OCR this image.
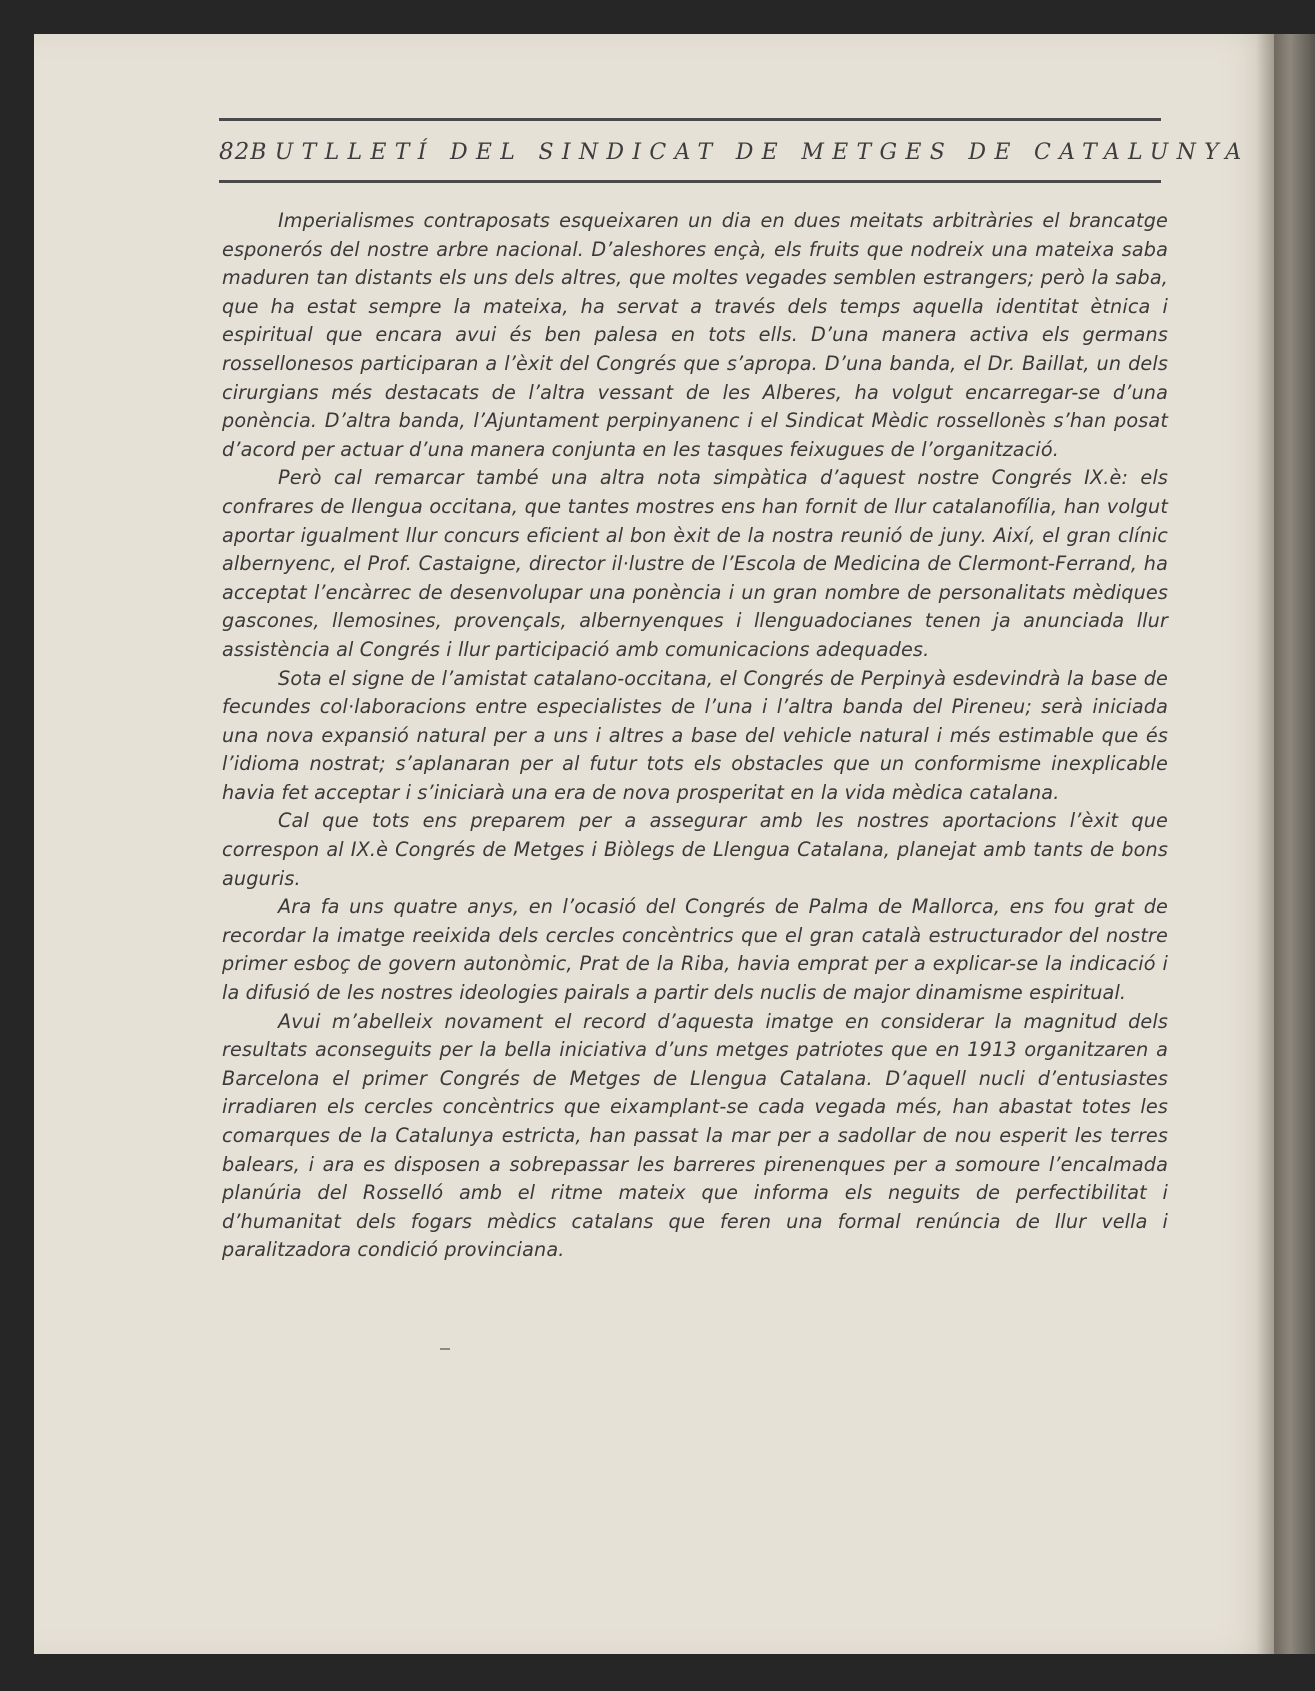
82 BUTLLETÍ DEL SINDICAT DE METGES DE CATALUNYA

Imperialismes contraposats esqueixaren un dia en dues meitats arbitràries el brancatge esponerós del nostre arbre nacional. D’aleshores ençà, els fruits que nodreix una mateixa saba maduren tan distants els uns dels altres, que moltes vegades semblen estrangers; però la saba, que ha estat sempre la mateixa, ha servat a través dels temps aquella identitat ètnica i espiritual que encara avui és ben palesa en tots ells. D’una manera activa els germans rossellonesos participaran a l’èxit del Congrés que s’apropa. D’una banda, el Dr. Baillat, un dels cirurgians més destacats de l’altra vessant de les Alberes, ha volgut encarregar-se d’una ponència. D’altra banda, l’Ajuntament perpinyanenc i el Sindicat Mèdic rossellonès s’han posat d’acord per actuar d’una manera conjunta en les tasques feixugues de l’organització.

Però cal remarcar també una altra nota simpàtica d’aquest nostre Congrés IX.è: els confrares de llengua occitana, que tantes mostres ens han fornit de llur catalanofília, han volgut aportar igualment llur concurs eficient al bon èxit de la nostra reunió de juny. Així, el gran clínic albernyenc, el Prof. Castaigne, director il·lustre de l’Escola de Medicina de Clermont-Ferrand, ha acceptat l’encàrrec de desenvolupar una ponència i un gran nombre de personalitats mèdiques gascones, llemosines, provençals, albernyenques i llenguadocianes tenen ja anunciada llur assistència al Congrés i llur participació amb comunicacions adequades.

Sota el signe de l’amistat catalano-occitana, el Congrés de Perpinyà esdevindrà la base de fecundes col·laboracions entre especialistes de l’una i l’altra banda del Pireneu; serà iniciada una nova expansió natural per a uns i altres a base del vehicle natural i més estimable que és l’idioma nostrat; s’aplanaran per al futur tots els obstacles que un conformisme inexplicable havia fet acceptar i s’iniciarà una era de nova prosperitat en la vida mèdica catalana.

Cal que tots ens preparem per a assegurar amb les nostres aportacions l’èxit que correspon al IX.è Congrés de Metges i Biòlegs de Llengua Catalana, planejat amb tants de bons auguris.

Ara fa uns quatre anys, en l’ocasió del Congrés de Palma de Mallorca, ens fou grat de recordar la imatge reeixida dels cercles concèntrics que el gran català estructurador del nostre primer esboç de govern autonòmic, Prat de la Riba, havia emprat per a explicar-se la indicació i la difusió de les nostres ideologies pairals a partir dels nuclis de major dinamisme espiritual.

Avui m’abelleix novament el record d’aquesta imatge en considerar la magnitud dels resultats aconseguits per la bella iniciativa d’uns metges patriotes que en 1913 organitzaren a Barcelona el primer Congrés de Metges de Llengua Catalana. D’aquell nucli d’entusiastes irradiaren els cercles concèntrics que eixamplant-se cada vegada més, han abastat totes les comarques de la Catalunya estricta, han passat la mar per a sadollar de nou esperit les terres balears, i ara es disposen a sobrepassar les barreres pirenenques per a somoure l’encalmada planúria del Rosselló amb el ritme mateix que informa els neguits de perfectibilitat i d’humanitat dels fogars mèdics catalans que feren una formal renúncia de llur vella i paralitzadora condició provinciana.
